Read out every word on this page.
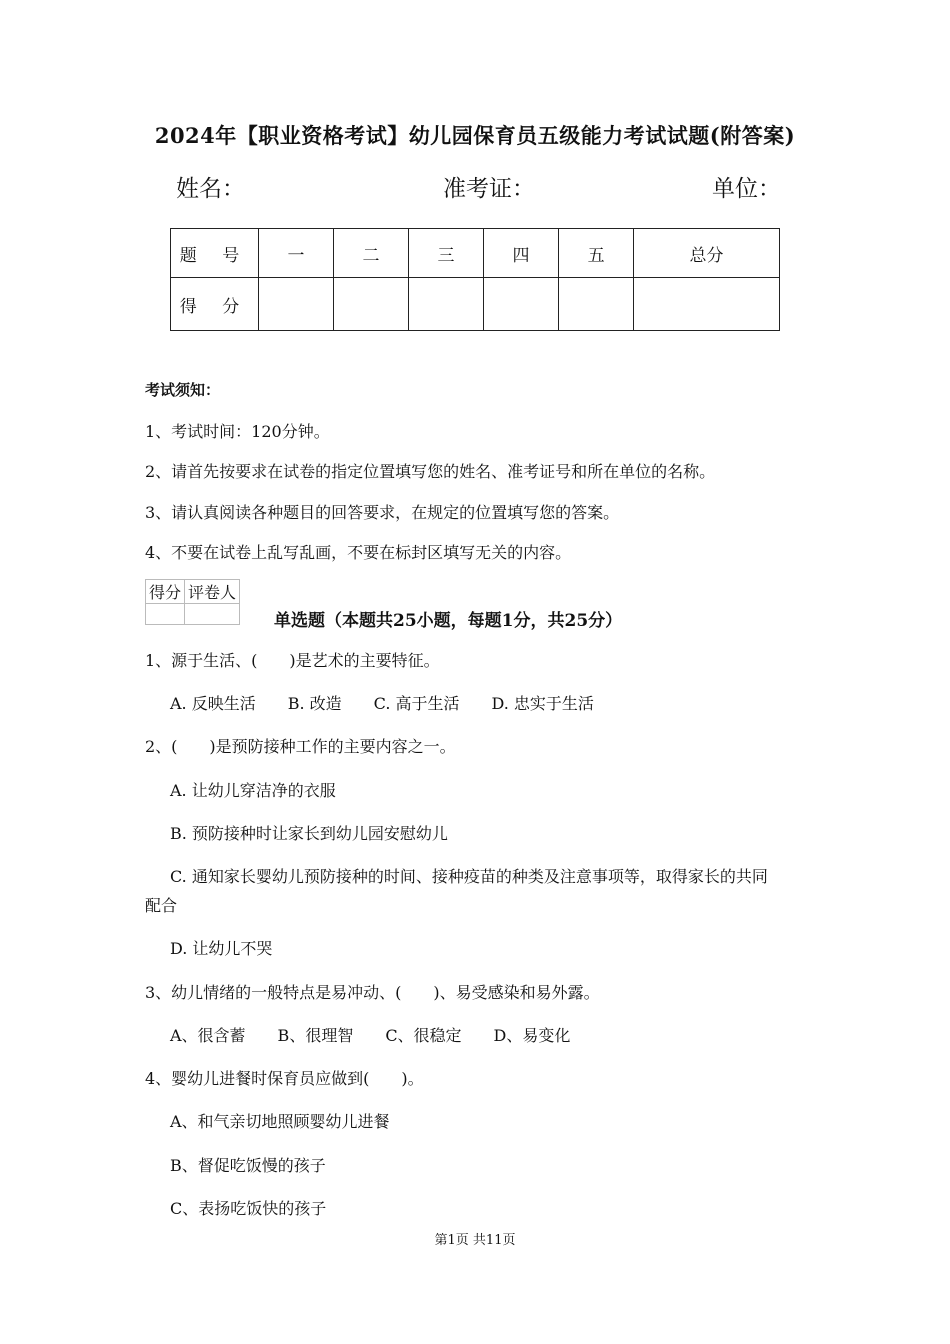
2024年【职业资格考试】幼儿园保育员五级能力考试试题(附答案)
姓名：	准考证：	单位：
题 号	一	二	三	四	五	总分
得 分						
考试须知：
1、考试时间：120分钟。
2、请首先按要求在试卷的指定位置填写您的姓名、准考证号和所在单位的名称。
3、请认真阅读各种题目的回答要求，在规定的位置填写您的答案。
4、不要在试卷上乱写乱画，不要在标封区填写无关的内容。
得分	评卷人

单选题（本题共25小题，每题1分，共25分）
1、源于生活、(　　)是艺术的主要特征。
A. 反映生活　　B. 改造　　C. 高于生活　　D. 忠实于生活
2、(　　)是预防接种工作的主要内容之一。
A. 让幼儿穿洁净的衣服
B. 预防接种时让家长到幼儿园安慰幼儿
C. 通知家长婴幼儿预防接种的时间、接种疫苗的种类及注意事项等，取得家长的共同
配合
D. 让幼儿不哭
3、幼儿情绪的一般特点是易冲动、(　　)、易受感染和易外露。
A、很含蓄　　B、很理智　　C、很稳定　　D、易变化
4、婴幼儿进餐时保育员应做到(　　)。
A、和气亲切地照顾婴幼儿进餐
B、督促吃饭慢的孩子
C、表扬吃饭快的孩子
第1页 共11页
